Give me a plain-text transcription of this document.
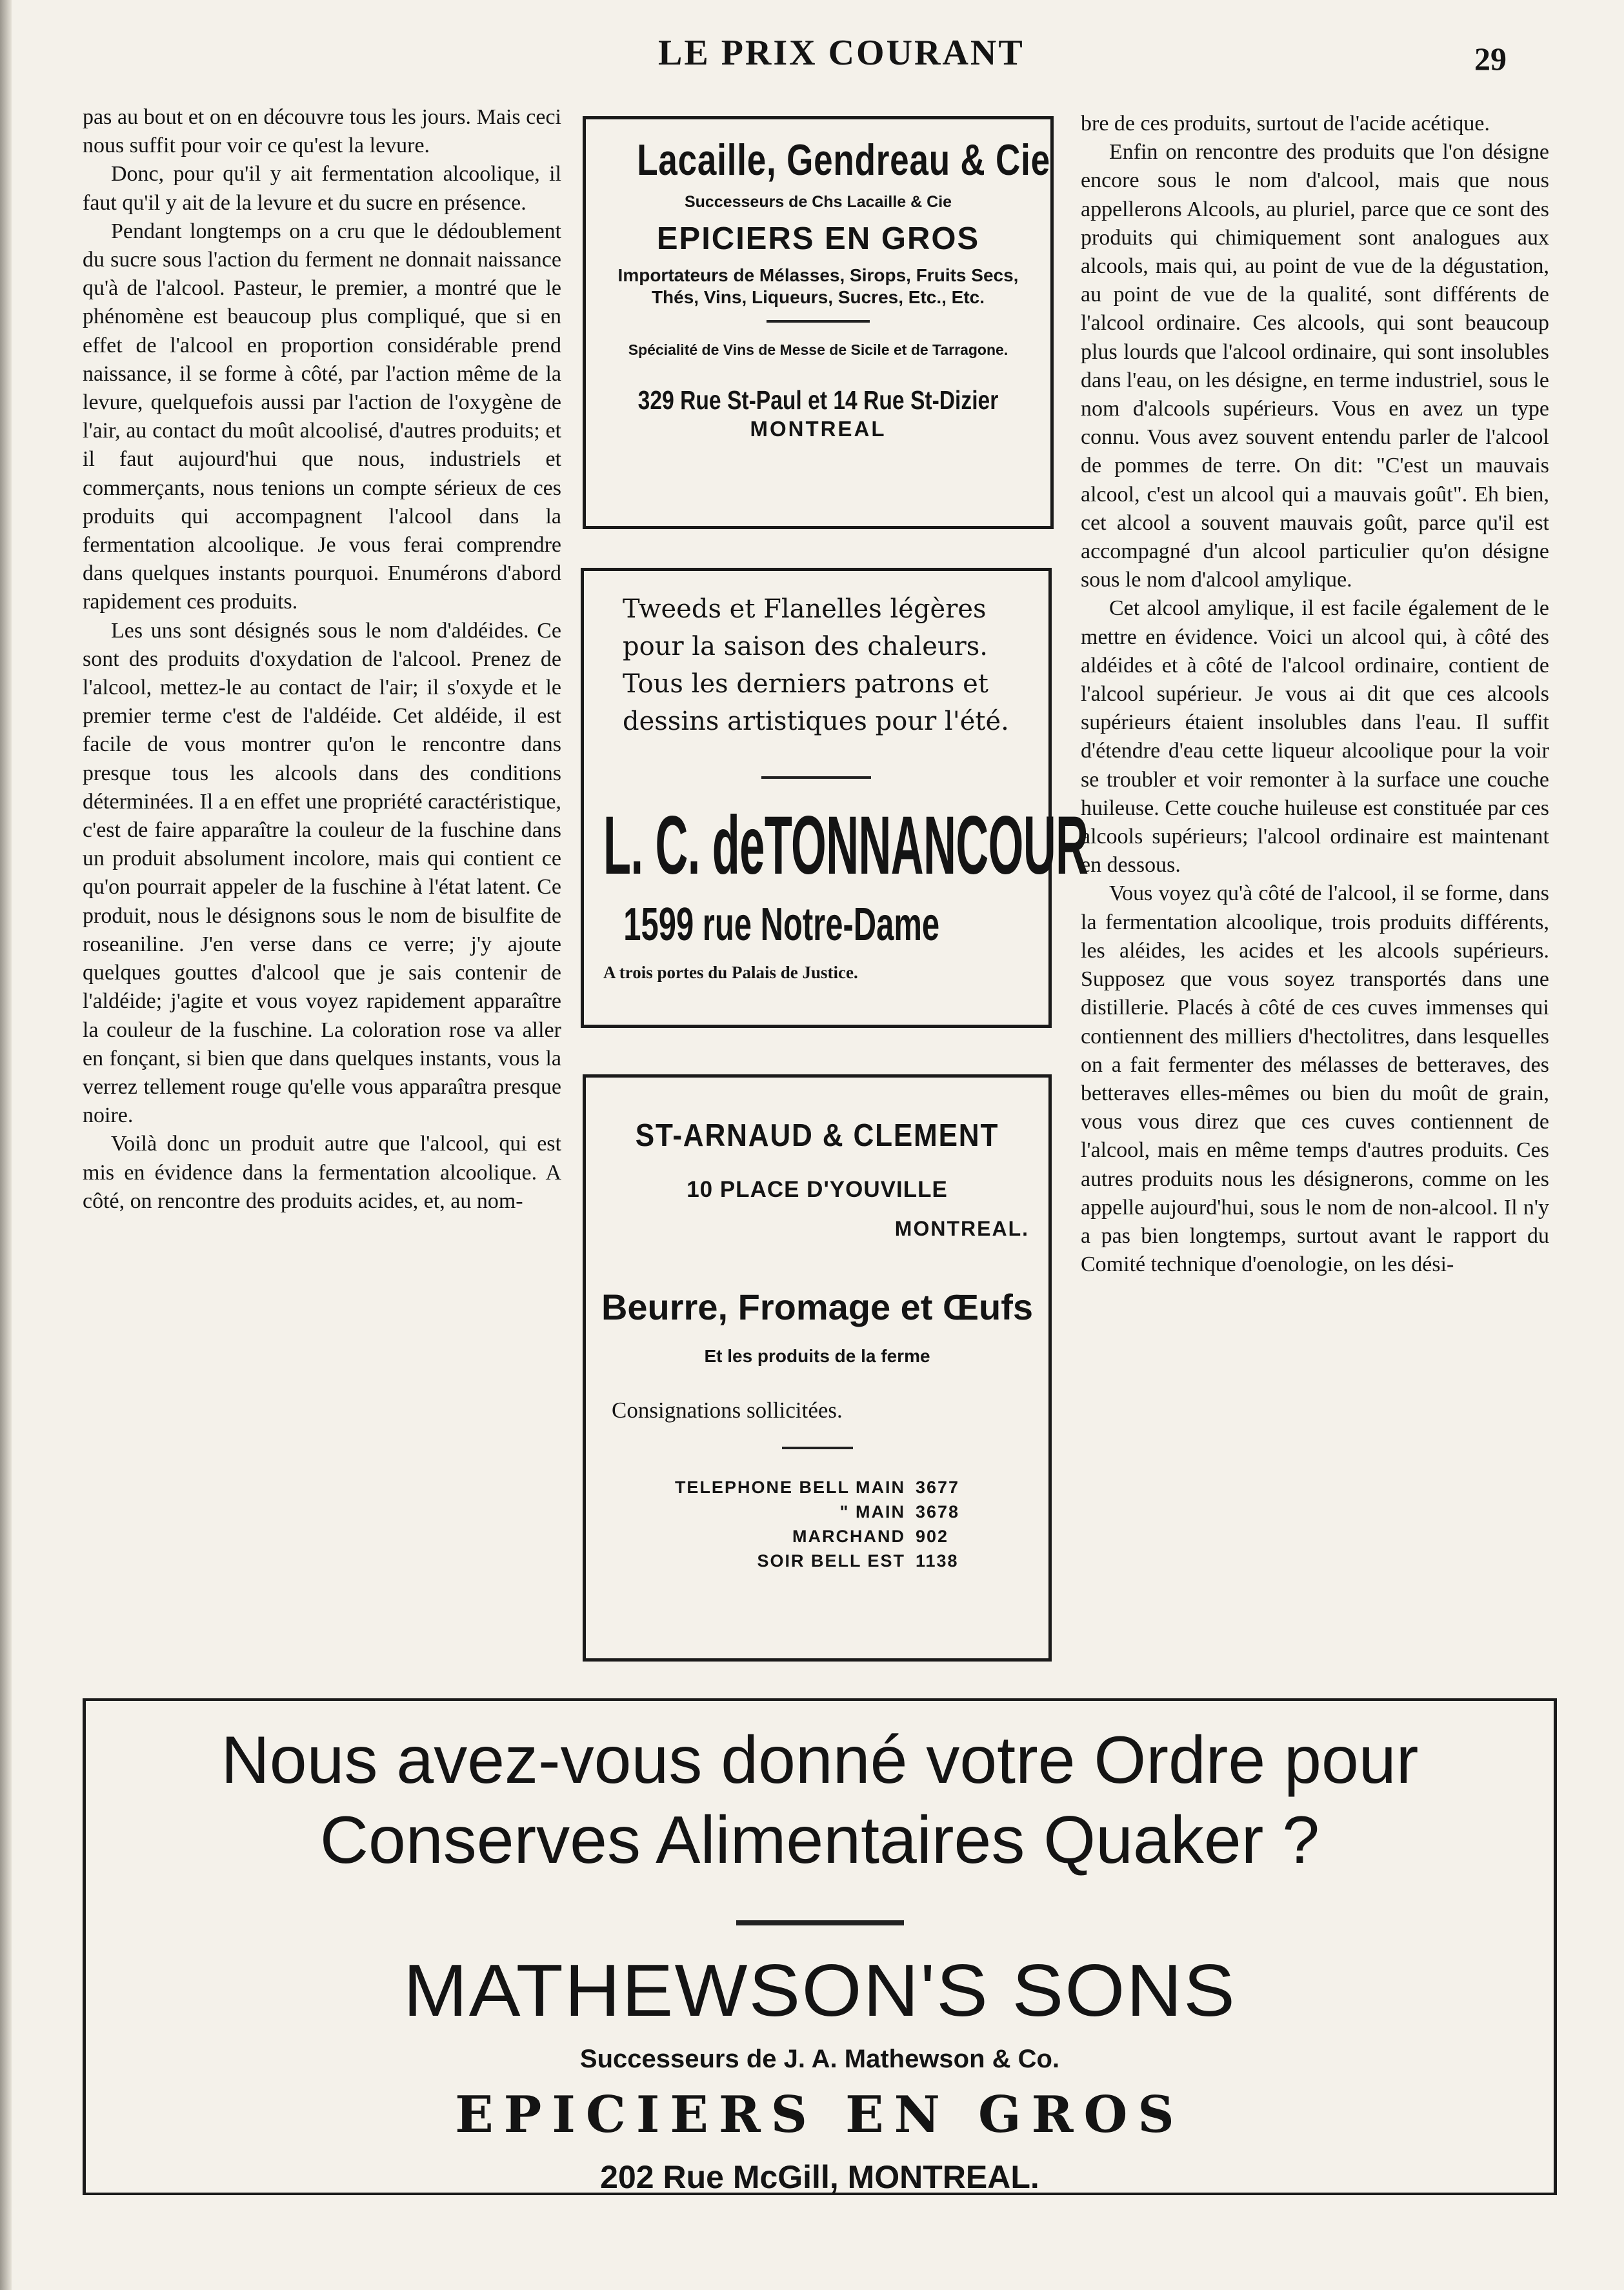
LE PRIX COURANT	29

pas au bout et on en découvre tous les jours. Mais ceci nous suffit pour voir ce qu'est la levure.

Donc, pour qu'il y ait fermentation alcoolique, il faut qu'il y ait de la levure et du sucre en présence.

Pendant longtemps on a cru que le dédoublement du sucre sous l'action du ferment ne donnait naissance qu'à de l'alcool. Pasteur, le premier, a montré que le phénomène est beaucoup plus compliqué, que si en effet de l'alcool en proportion considérable prend naissance, il se forme à côté, par l'action même de la levure, quelquefois aussi par l'action de l'oxygène de l'air, au contact du moût alcoolisé, d'autres produits; et il faut aujourd'hui que nous, industriels et commerçants, nous tenions un compte sérieux de ces produits qui accompagnent l'alcool dans la fermentation alcoolique. Je vous ferai comprendre dans quelques instants pourquoi. Enumérons d'abord rapidement ces produits.

Les uns sont désignés sous le nom d'aldéides. Ce sont des produits d'oxydation de l'alcool. Prenez de l'alcool, mettez-le au contact de l'air; il s'oxyde et le premier terme c'est de l'aldéide. Cet aldéide, il est facile de vous montrer qu'on le rencontre dans presque tous les alcools dans des conditions déterminées. Il a en effet une propriété caractéristique, c'est de faire apparaître la couleur de la fuschine dans un produit absolument incolore, mais qui contient ce qu'on pourrait appeler de la fuschine à l'état latent. Ce produit, nous le désignons sous le nom de bisulfite de roseaniline. J'en verse dans ce verre; j'y ajoute quelques gouttes d'alcool que je sais contenir de l'aldéide; j'agite et vous voyez rapidement apparaître la couleur de la fuschine. La coloration rose va aller en fonçant, si bien que dans quelques instants, vous la verrez tellement rouge qu'elle vous apparaîtra presque noire.

Voilà donc un produit autre que l'alcool, qui est mis en évidence dans la fermentation alcoolique. A côté, on rencontre des produits acides, et, au nom-

Lacaille, Gendreau & Cie
Successeurs de Chs Lacaille & Cie
EPICIERS EN GROS
Importateurs de Mélasses, Sirops, Fruits Secs, Thés, Vins, Liqueurs, Sucres, Etc., Etc.
Spécialité de Vins de Messe de Sicile et de Tarragone.
329 Rue St-Paul et 14 Rue St-Dizier
MONTREAL
Tweeds et Flanelles légères pour la saison des chaleurs. Tous les derniers patrons et dessins artistiques pour l'été.
L. C. deTONNANCOUR
1599 rue Notre-Dame
A trois portes du Palais de Justice.
ST-ARNAUD & CLEMENT
10 PLACE D'YOUVILLE
MONTREAL.
Beurre, Fromage et Œufs
Et les produits de la ferme
Consignations sollicitées.
TELEPHONE BELL MAIN	3677
" MAIN	3678
MARCHAND	902
SOIR BELL EST	1138

bre de ces produits, surtout de l'acide acétique.

Enfin on rencontre des produits que l'on désigne encore sous le nom d'alcool, mais que nous appellerons Alcools, au pluriel, parce que ce sont des produits qui chimiquement sont analogues aux alcools, mais qui, au point de vue de la dégustation, au point de vue de la qualité, sont différents de l'alcool ordinaire. Ces alcools, qui sont beaucoup plus lourds que l'alcool ordinaire, qui sont insolubles dans l'eau, on les désigne, en terme industriel, sous le nom d'alcools supérieurs. Vous en avez un type connu. Vous avez souvent entendu parler de l'alcool de pommes de terre. On dit: "C'est un mauvais alcool, c'est un alcool qui a mauvais goût". Eh bien, cet alcool a souvent mauvais goût, parce qu'il est accompagné d'un alcool particulier qu'on désigne sous le nom d'alcool amylique.

Cet alcool amylique, il est facile également de le mettre en évidence. Voici un alcool qui, à côté des aldéides et à côté de l'alcool ordinaire, contient de l'alcool supérieur. Je vous ai dit que ces alcools supérieurs étaient insolubles dans l'eau. Il suffit d'étendre d'eau cette liqueur alcoolique pour la voir se troubler et voir remonter à la surface une couche huileuse. Cette couche huileuse est constituée par ces alcools supérieurs; l'alcool ordinaire est maintenant en dessous.

Vous voyez qu'à côté de l'alcool, il se forme, dans la fermentation alcoolique, trois produits différents, les aléides, les acides et les alcools supérieurs. Supposez que vous soyez transportés dans une distillerie. Placés à côté de ces cuves immenses qui contiennent des milliers d'hectolitres, dans lesquelles on a fait fermenter des mélasses de betteraves, des betteraves elles-mêmes ou bien du moût de grain, vous vous direz que ces cuves contiennent de l'alcool, mais en même temps d'autres produits. Ces autres produits nous les désignerons, comme on les appelle aujourd'hui, sous le nom de non-alcool. Il n'y a pas bien longtemps, surtout avant le rapport du Comité technique d'oenologie, on les dési-

Nous avez-vous donné votre Ordre pour
Conserves Alimentaires Quaker ?
MATHEWSON'S SONS
Successeurs de J. A. Mathewson & Co.
EPICIERS EN GROS
202 Rue McGill, MONTREAL.
